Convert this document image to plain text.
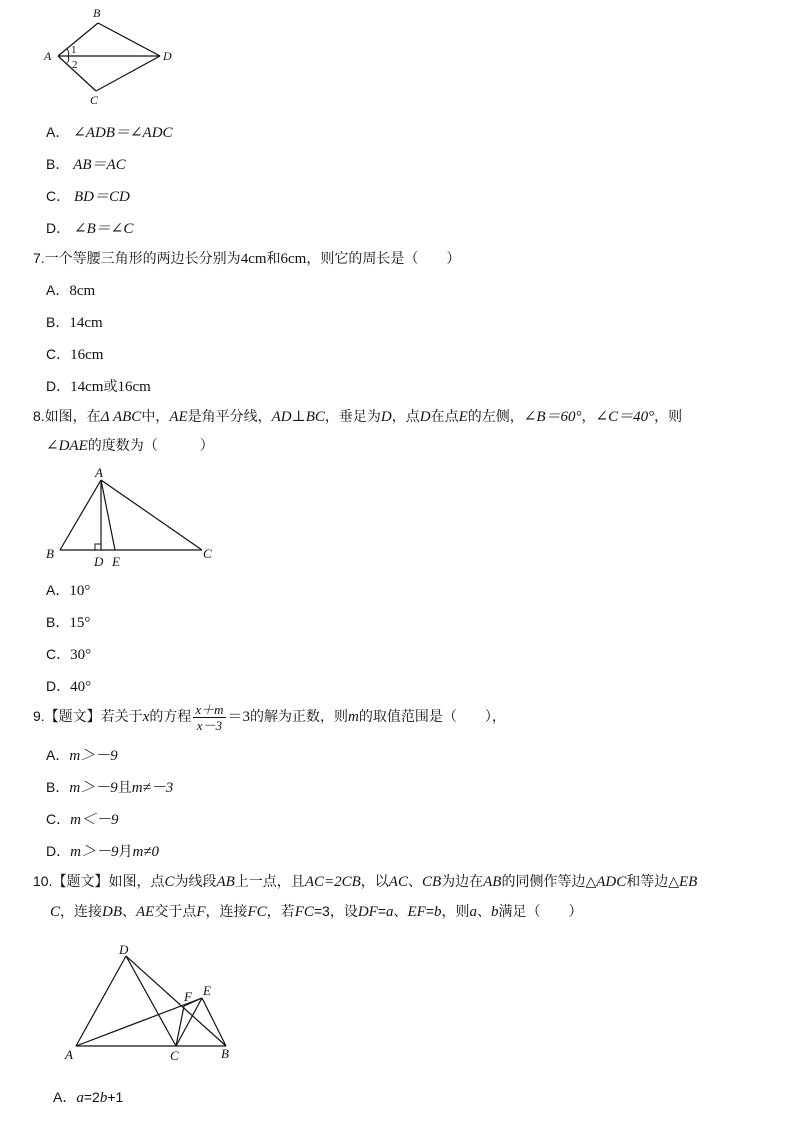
B
A	D
C
1
2
A． ∠ADB＝∠ADC
B． AB＝AC
C． BD＝CD
D． ∠B＝∠C
7.一个等腰三角形的两边长分别为4cm和6cm，则它的周长是（　　）
A．8cm
B．14cm
C．16cm
D．14cm或16cm
8.如图，在Δ ABC中，AE是角平分线，AD⊥BC，垂足为D，点D在点E的左侧，∠B＝60°，∠C＝40°，则
∠DAE的度数为（　　　）
A
B	C
D E
A．10°
B．15°
C．30°
D．40°
9.【题文】若关于x的方程 $\frac{x+m}{x-3} =3$的解为正数，则m的取值范围是（　　），
A．m＞－9
B．m＞－9且m≠－3
C．m＜－9
D．m＞－9月m≠0
10.【题文】如图，点C为线段AB上一点，且AC=2CB，以AC、CB为边在AB的同侧作等边△ADC和等边△EB
C，连接DB、AE交于点F，连接FC，若FC=3，设DF=a、EF=b，则a、b满足（　　）
D
E
F
A	C	B
A．a=2b+1
